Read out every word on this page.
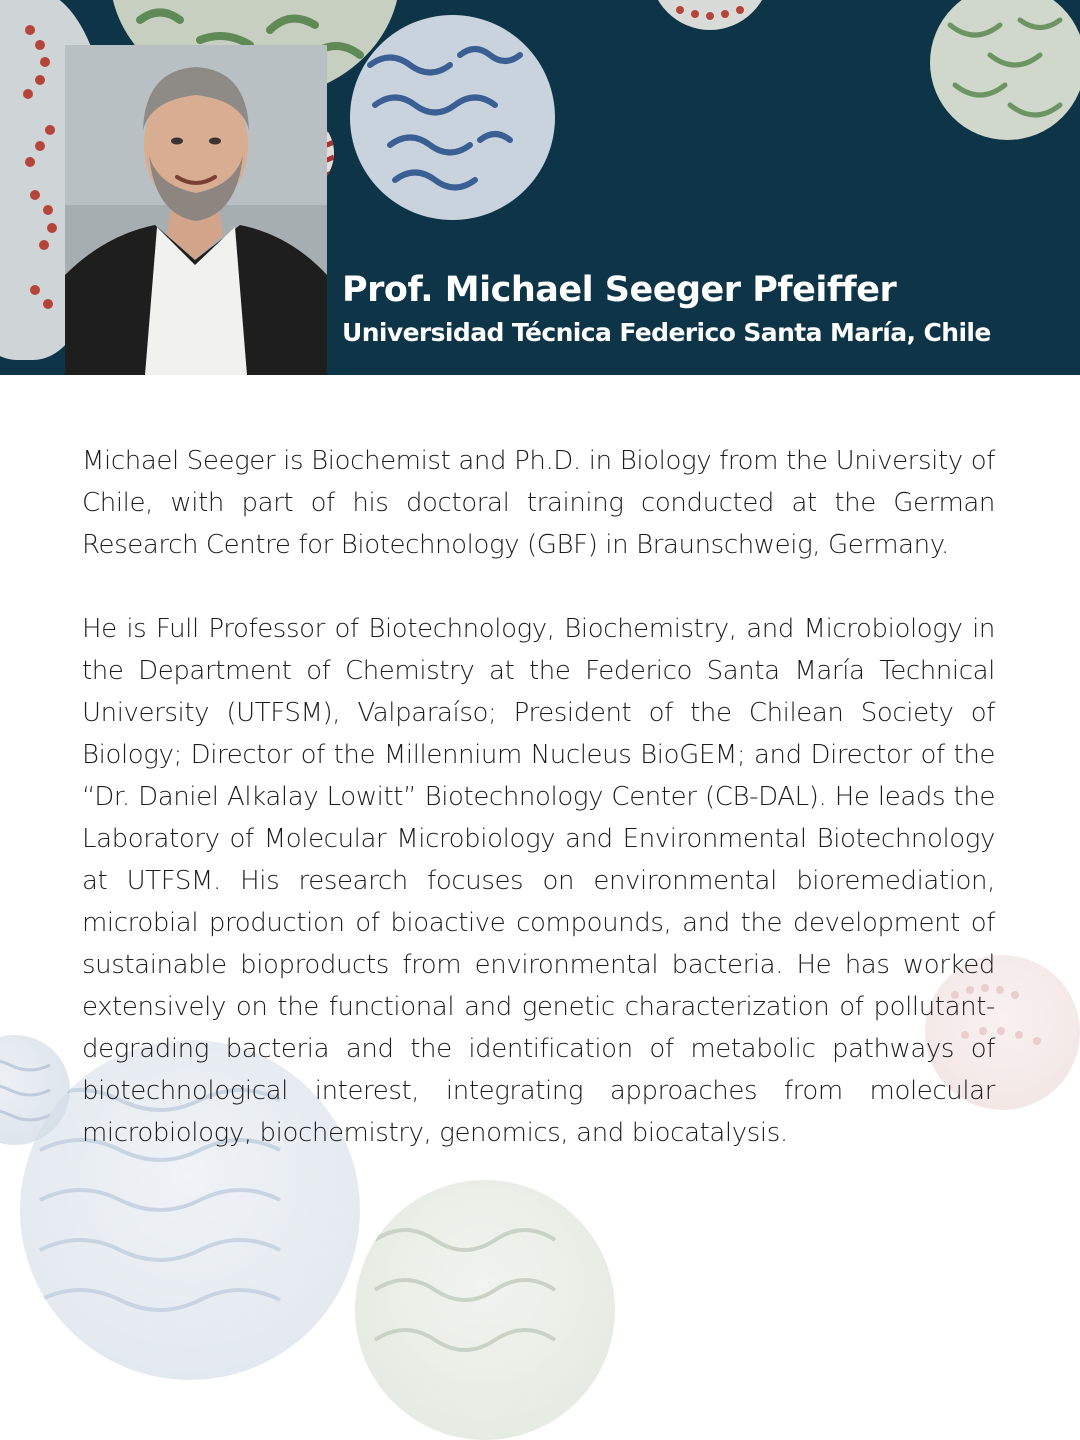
Prof. Michael Seeger Pfeiffer
Universidad Técnica Federico Santa María, Chile

Michael Seeger is Biochemist and Ph.D. in Biology from the University of Chile, with part of his doctoral training conducted at the German Research Centre for Biotechnology (GBF) in Braunschweig, Germany.

He is Full Professor of Biotechnology, Biochemistry, and Microbiology in the Department of Chemistry at the Federico Santa María Technical University (UTFSM), Valparaíso; President of the Chilean Society of Biology; Director of the Millennium Nucleus BioGEM; and Director of the “Dr. Daniel Alkalay Lowitt” Biotechnology Center (CB-DAL). He leads the Laboratory of Molecular Microbiology and Environmental Biotechnology at UTFSM. His research focuses on environmental bioremediation, microbial production of bioactive compounds, and the development of sustainable bioproducts from environmental bacteria. He has worked extensively on the functional and genetic characterization of pollutant-degrading bacteria and the identification of metabolic pathways of biotechnological interest, integrating approaches from molecular microbiology, biochemistry, genomics, and biocatalysis.
